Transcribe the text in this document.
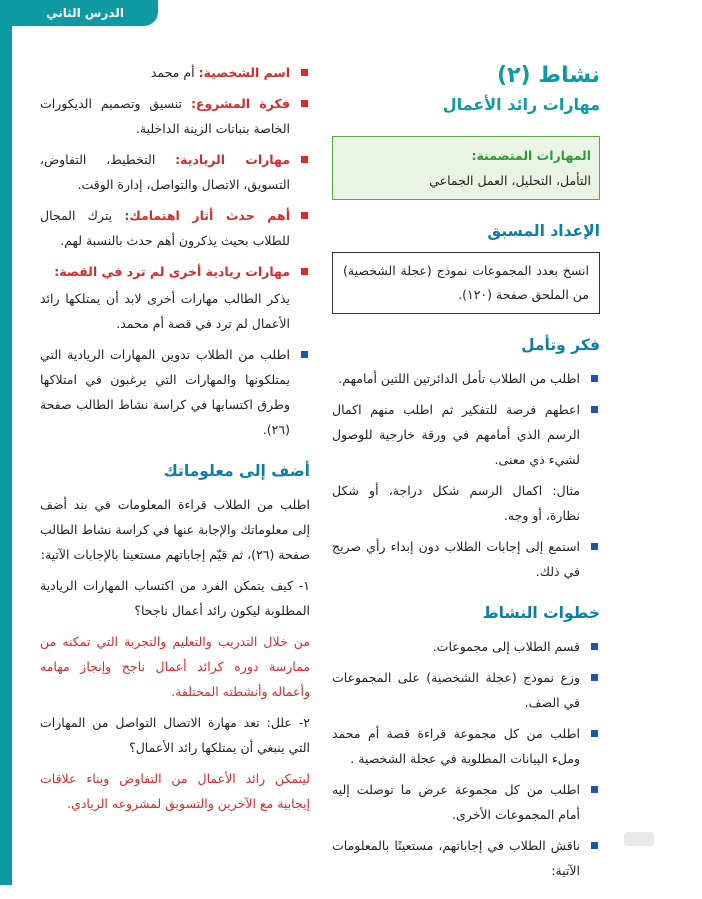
الدرس الثاني
نشاط (٢)
مهارات رائد الأعمال
المهارات المتضمنة:
التأمل، التحليل، العمل الجماعي
الإعداد المسبق
انسخ بعدد المجموعات نموذج (عجلة الشخصية) من الملحق صفحة (١٢٠).
فكر وتأمل
اطلب من الطلاب تأمل الدائرتين اللتين أمامهم.
اعطهم فرصة للتفكير ثم اطلب منهم اكمال الرسم الذي أمامهم في ورقة خارجية للوصول لشيء ذي معنى.
مثال: اكمال الرسم شكل دراجة، أو شكل نظارة، أو وجه.
استمع إلى إجابات الطلاب دون إبداء رأي صريح في ذلك.
خطوات النشاط
قسم الطلاب إلى مجموعات.
وزع نموذج (عجلة الشخصية) على المجموعات في الصف.
اطلب من كل مجموعة قراءة قصة أم محمد وملء البيانات المطلوبة في عجلة الشخصية .
اطلب من كل مجموعة عرض ما توصلت إليه أمام المجموعات الأخرى.
ناقش الطلاب في إجاباتهم، مستعينًا بالمعلومات الآتية:
اسم الشخصية: أم محمد
فكرة المشروع: تنسيق وتصميم الديكورات الخاصة بنباتات الزينة الداخلية.
مهارات الريادية: التخطيط، التفاوض، التسويق، الاتصال والتواصل، إدارة الوقت.
أهم حدث أثار اهتمامك: يترك المجال للطلاب بحيث يذكرون أهم حدث بالنسبة لهم.
مهارات ريادية أخرى لم ترد في القصة:
يذكر الطالب مهارات أخرى لابد أن يمتلكها رائد الأعمال لم ترد في قصة أم محمد.
اطلب من الطلاب تدوين المهارات الريادية التي يمتلكونها والمهارات التي يرغبون في امتلاكها وطرق اكتسابها في كراسة نشاط الطالب صفحة (٢٦).
أضف إلى معلوماتك
اطلب من الطلاب قراءة المعلومات في بند أضف إلى معلوماتك والإجابة عنها في كراسة نشاط الطالب صفحة (٢٦)، ثم قيّم إجاباتهم مستعينا بالإجابات الآتية:
١- كيف يتمكن الفرد من اكتساب المهارات الريادية المطلوبة ليكون رائد أعمال ناجحا؟
من خلال التدريب والتعليم والتجربة التي تمكنه من ممارسة دوره كرائد أعمال ناجح وإنجاز مهامه وأعماله وأنشطته المختلفة.
٢- علل: تعد مهارة الاتصال التواصل من المهارات التي ينبغي أن يمتلكها رائد الأعمال؟
ليتمكن رائد الأعمال من التفاوض وبناء علاقات إيجابية مع الآخرين والتسويق لمشروعه الريادي.
